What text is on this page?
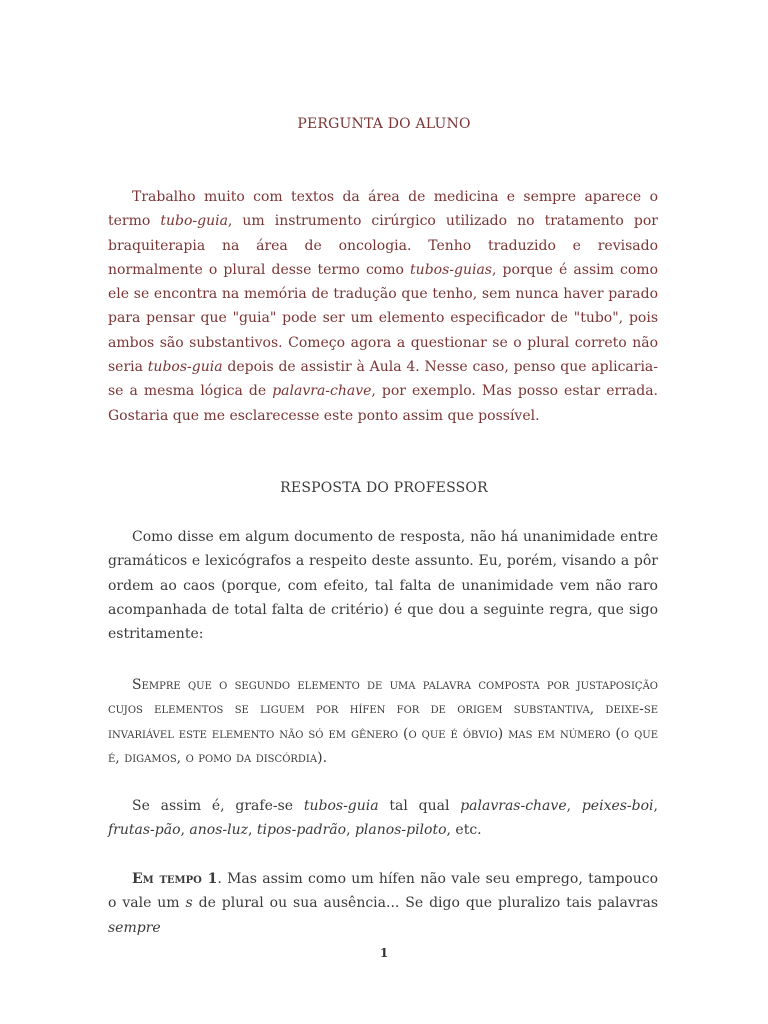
PERGUNTA DO ALUNO

Trabalho muito com textos da área de medicina e sempre aparece o termo tubo-guia, um instrumento cirúrgico utilizado no tratamento por braquiterapia na área de oncologia. Tenho traduzido e revisado normalmente o plural desse termo como tubos-guias, porque é assim como ele se encontra na memória de tradução que tenho, sem nunca haver parado para pensar que "guia" pode ser um elemento especificador de "tubo", pois ambos são substantivos. Começo agora a questionar se o plural correto não seria tubos-guia depois de assistir à Aula 4. Nesse caso, penso que aplicaria-se a mesma lógica de palavra-chave, por exemplo. Mas posso estar errada. Gostaria que me esclarecesse este ponto assim que possível.

RESPOSTA DO PROFESSOR

Como disse em algum documento de resposta, não há unanimidade entre gramáticos e lexicógrafos a respeito deste assunto. Eu, porém, visando a pôr ordem ao caos (porque, com efeito, tal falta de unanimidade vem não raro acompanhada de total falta de critério) é que dou a seguinte regra, que sigo estritamente:

Sempre que o segundo elemento de uma palavra composta por justaposição cujos elementos se liguem por hífen for de origem substantiva, deixe-se invariável este elemento não só em gênero (o que é óbvio) mas em número (o que é, digamos, o pomo da discórdia).

Se assim é, grafe-se tubos-guia tal qual palavras-chave, peixes-boi, frutas-pão, anos-luz, tipos-padrão, planos-piloto, etc.

Em tempo 1. Mas assim como um hífen não vale seu emprego, tampouco o vale um s de plural ou sua ausência... Se digo que pluralizo tais palavras sempre

1
